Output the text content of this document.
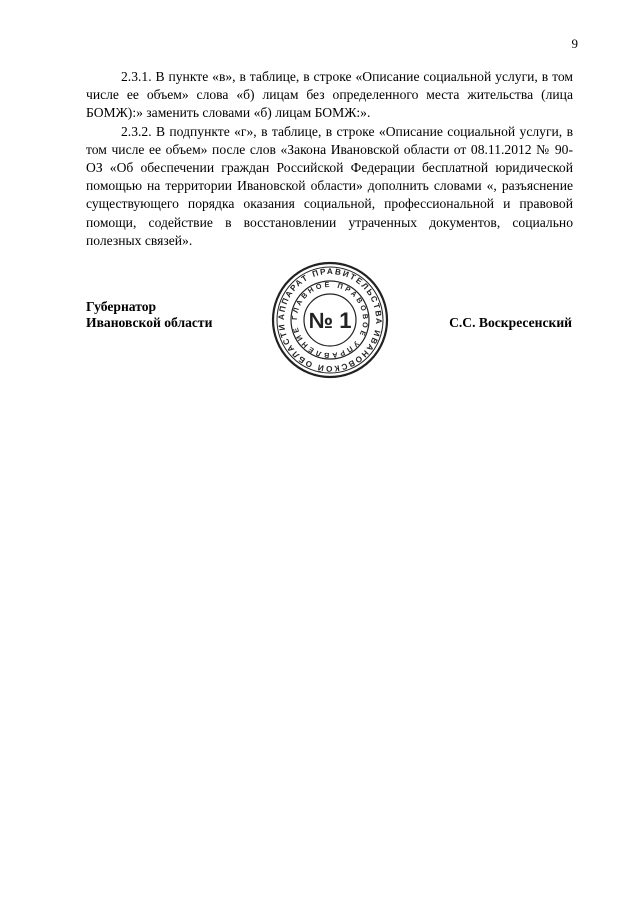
9

2.3.1. В пункте «в», в таблице, в строке «Описание социальной услуги, в том числе ее объем» слова «б) лицам без определенного места жительства (лица БОМЖ):» заменить словами «б) лицам БОМЖ:».

2.3.2. В подпункте «г», в таблице, в строке «Описание социальной услуги, в том числе ее объем» после слов «Закона Ивановской области от 08.11.2012 № 90-ОЗ «Об обеспечении граждан Российской Федерации бесплатной юридической помощью на территории Ивановской области» дополнить словами «, разъяснение существующего порядка оказания социальной, профессиональной и правовой помощи, содействие в восстановлении утраченных документов, социально полезных связей».

Губернатор
Ивановской области	С.С. Воскресенский
АППАРАТ ПРАВИТЕЛЬСТВА ИВАНОВСКОЙ ОБЛАСТИ
ГЛАВНОЕ ПРАВОВОЕ УПРАВЛЕНИЕ № 1
